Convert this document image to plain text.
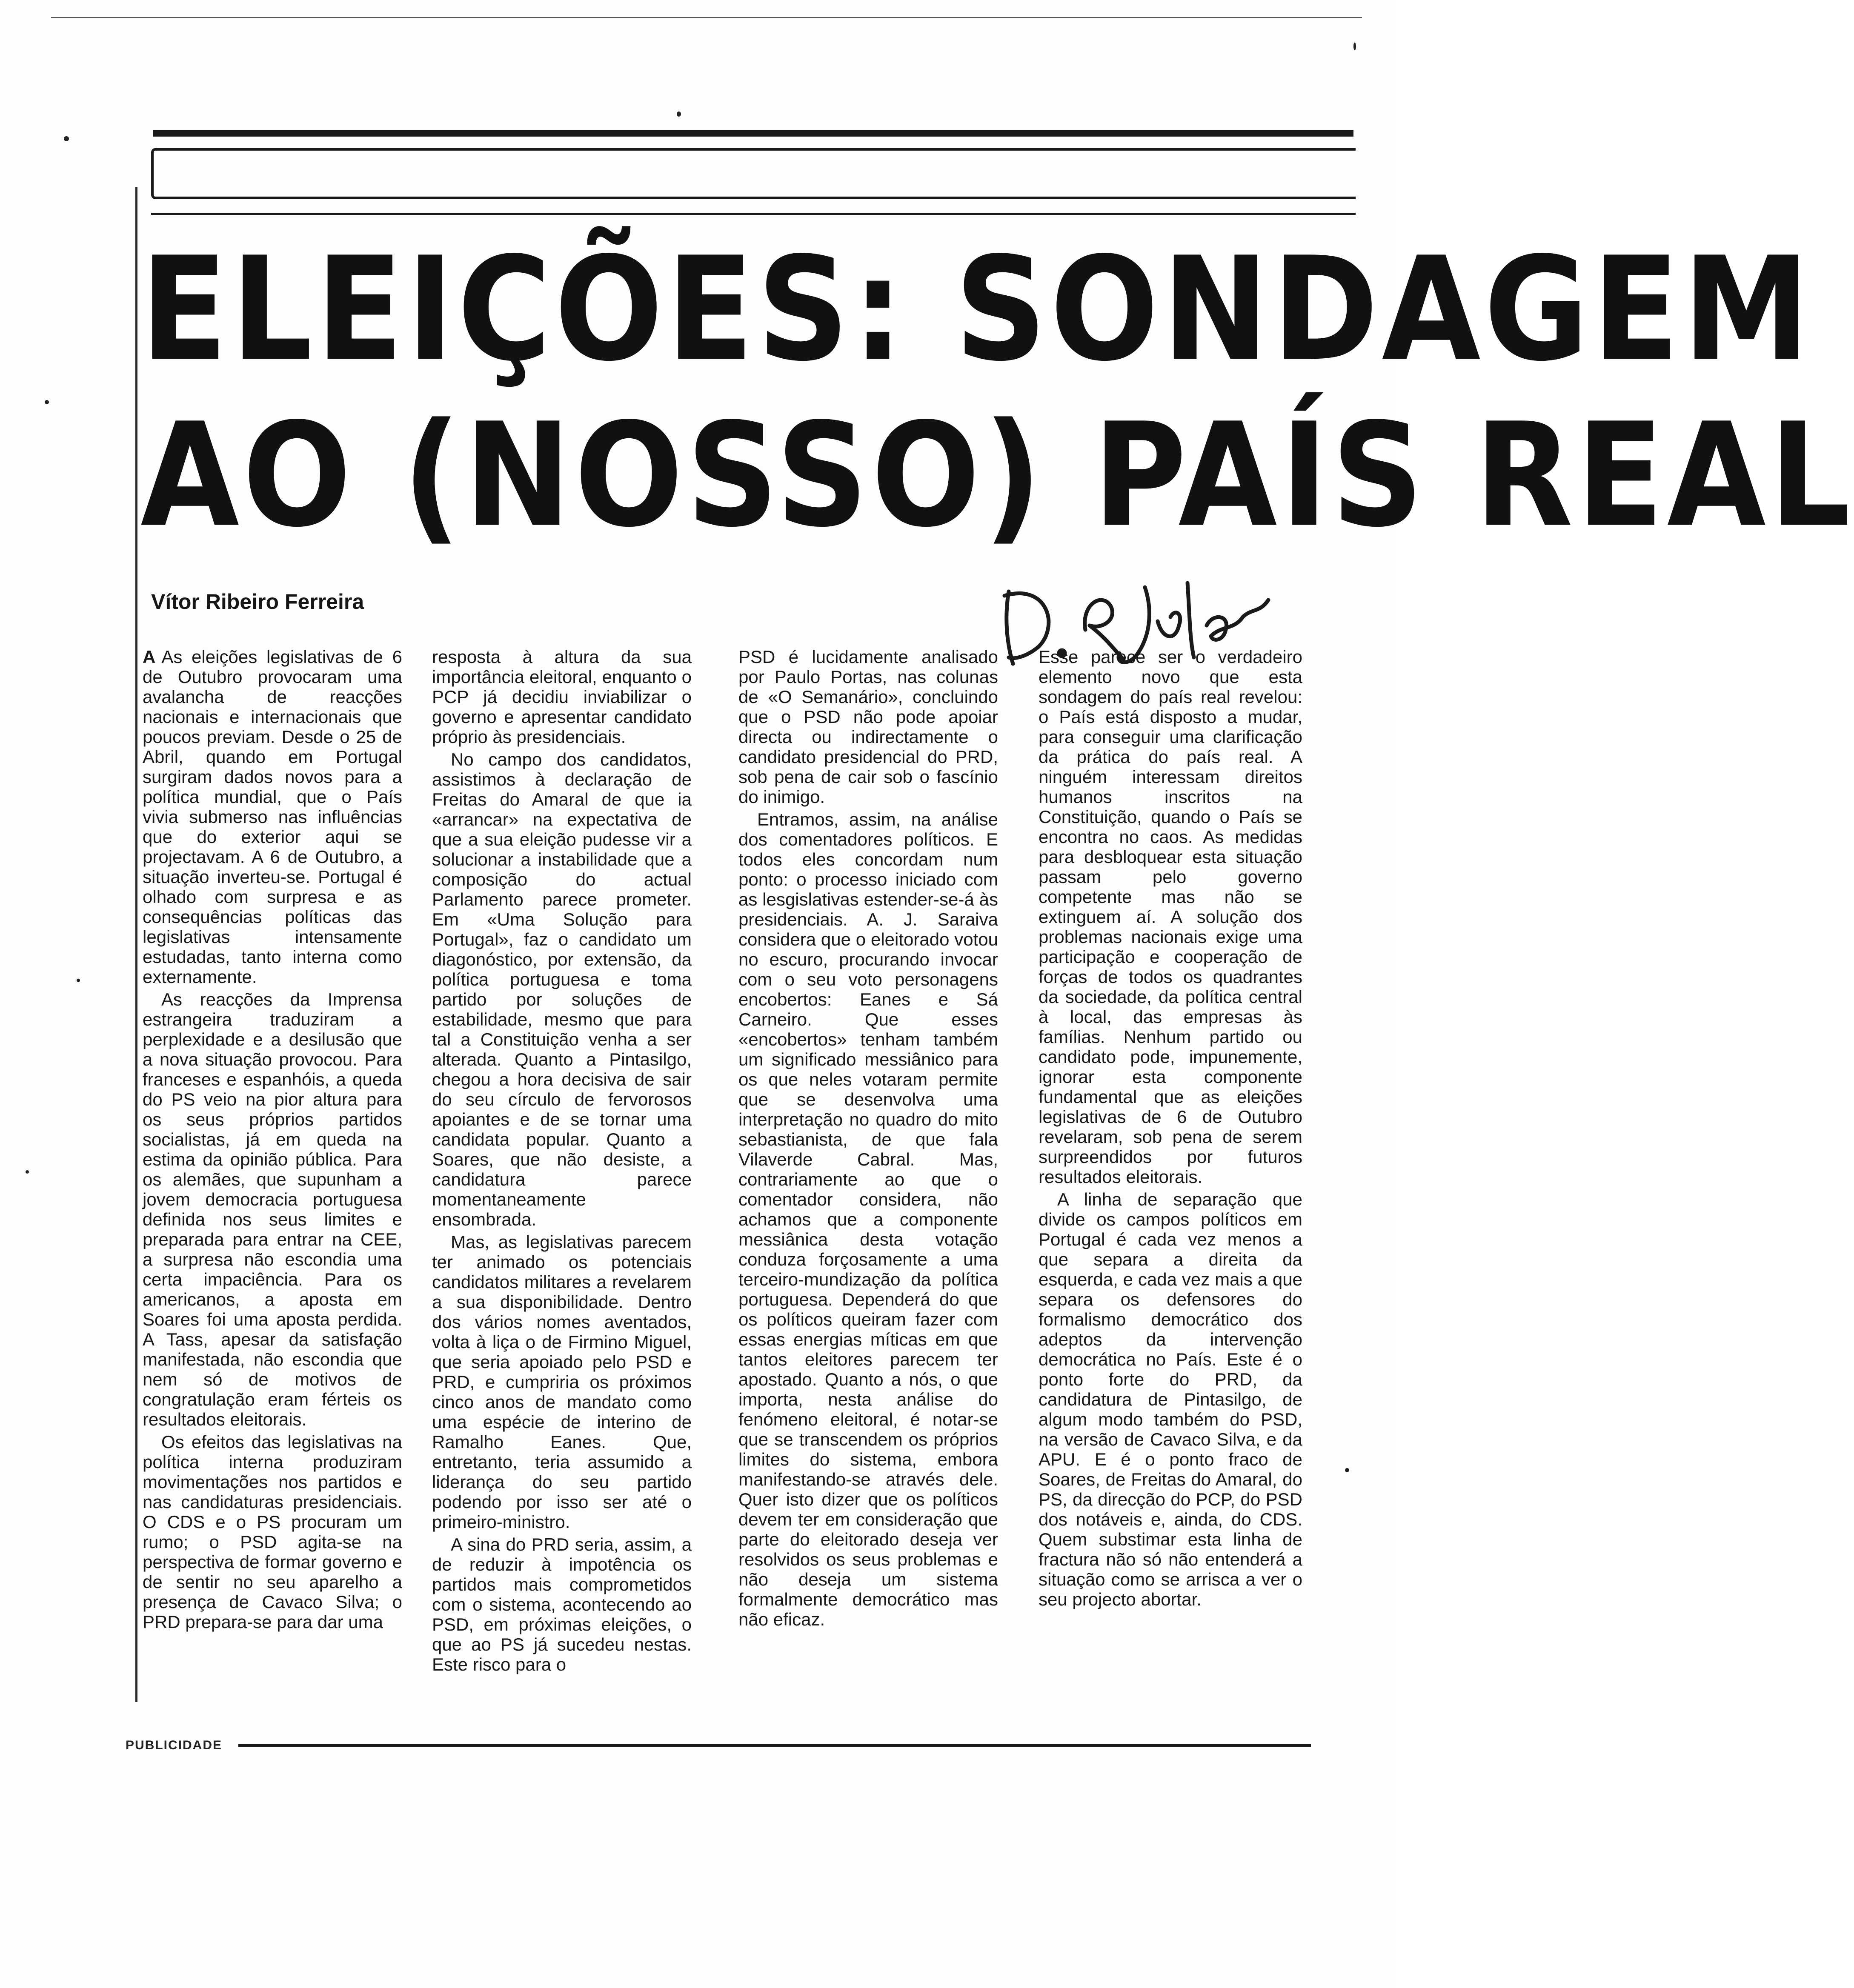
ELEIÇÕES: SONDAGEM
AO (NOSSO) PAÍS REAL
Vítor Ribeiro Ferreira

A As eleições legislativas de 6 de Outubro provocaram uma avalancha de reacções nacionais e internacionais que poucos previam. Desde o 25 de Abril, quando em Portugal surgiram dados novos para a política mundial, que o País vivia submerso nas influências que do exterior aqui se projectavam. A 6 de Outubro, a situação inverteu-se. Portugal é olhado com surpresa e as consequências políticas das legislativas intensamente estudadas, tanto interna como externamente.

As reacções da Imprensa estrangeira traduziram a perplexidade e a desilusão que a nova situação provocou. Para franceses e espanhóis, a queda do PS veio na pior altura para os seus próprios partidos socialistas, já em queda na estima da opinião pública. Para os alemães, que supunham a jovem democracia portuguesa definida nos seus limites e preparada para entrar na CEE, a surpresa não escondia uma certa impaciência. Para os americanos, a aposta em Soares foi uma aposta perdida. A Tass, apesar da satisfação manifestada, não escondia que nem só de motivos de congratulação eram férteis os resultados eleitorais.

Os efeitos das legislativas na política interna produziram movimentações nos partidos e nas candidaturas presidenciais. O CDS e o PS procuram um rumo; o PSD agita-se na perspectiva de formar governo e de sentir no seu aparelho a presença de Cavaco Silva; o PRD prepara-se para dar uma

resposta à altura da sua importância eleitoral, enquanto o PCP já decidiu inviabilizar o governo e apresentar candidato próprio às presidenciais.

No campo dos candidatos, assistimos à declaração de Freitas do Amaral de que ia «arrancar» na expectativa de que a sua eleição pudesse vir a solucionar a instabilidade que a composição do actual Parlamento parece prometer. Em «Uma Solução para Portugal», faz o candidato um diagonóstico, por extensão, da política portuguesa e toma partido por soluções de estabilidade, mesmo que para tal a Constituição venha a ser alterada. Quanto a Pintasilgo, chegou a hora decisiva de sair do seu círculo de fervorosos apoiantes e de se tornar uma candidata popular. Quanto a Soares, que não desiste, a candidatura parece momentaneamente ensombrada.

Mas, as legislativas parecem ter animado os potenciais candidatos militares a revelarem a sua disponibilidade. Dentro dos vários nomes aventados, volta à liça o de Firmino Miguel, que seria apoiado pelo PSD e PRD, e cumpriria os próximos cinco anos de mandato como uma espécie de interino de Ramalho Eanes. Que, entretanto, teria assumido a liderança do seu partido podendo por isso ser até o primeiro-ministro.

A sina do PRD seria, assim, a de reduzir à impotência os partidos mais comprometidos com o sistema, acontecendo ao PSD, em próximas eleições, o que ao PS já sucedeu nestas. Este risco para o

PSD é lucidamente analisado por Paulo Portas, nas colunas de «O Semanário», concluindo que o PSD não pode apoiar directa ou indirectamente o candidato presidencial do PRD, sob pena de cair sob o fascínio do inimigo.

Entramos, assim, na análise dos comentadores políticos. E todos eles concordam num ponto: o processo iniciado com as lesgislativas estender-se-á às presidenciais. A. J. Saraiva considera que o eleitorado votou no escuro, procurando invocar com o seu voto personagens encobertos: Eanes e Sá Carneiro. Que esses «encobertos» tenham também um significado messiânico para os que neles votaram permite que se desenvolva uma interpretação no quadro do mito sebastianista, de que fala Vilaverde Cabral. Mas, contrariamente ao que o comentador considera, não achamos que a componente messiânica desta votação conduza forçosamente a uma terceiro-mundização da política portuguesa. Dependerá do que os políticos queiram fazer com essas energias míticas em que tantos eleitores parecem ter apostado. Quanto a nós, o que importa, nesta análise do fenómeno eleitoral, é notar-se que se transcendem os próprios limites do sistema, embora manifestando-se através dele. Quer isto dizer que os políticos devem ter em consideração que parte do eleitorado deseja ver resolvidos os seus problemas e não deseja um sistema formalmente democrático mas não eficaz.

Esse parece ser o verdadeiro elemento novo que esta sondagem do país real revelou: o País está disposto a mudar, para conseguir uma clarificação da prática do país real. A ninguém interessam direitos humanos inscritos na Constituição, quando o País se encontra no caos. As medidas para desbloquear esta situação passam pelo governo competente mas não se extinguem aí. A solução dos problemas nacionais exige uma participação e cooperação de forças de todos os quadrantes da sociedade, da política central à local, das empresas às famílias. Nenhum partido ou candidato pode, impunemente, ignorar esta componente fundamental que as eleições legislativas de 6 de Outubro revelaram, sob pena de serem surpreendidos por futuros resultados eleitorais.

A linha de separação que divide os campos políticos em Portugal é cada vez menos a que separa a direita da esquerda, e cada vez mais a que separa os defensores do formalismo democrático dos adeptos da intervenção democrática no País. Este é o ponto forte do PRD, da candidatura de Pintasilgo, de algum modo também do PSD, na versão de Cavaco Silva, e da APU. E é o ponto fraco de Soares, de Freitas do Amaral, do PS, da direcção do PCP, do PSD dos notáveis e, ainda, do CDS. Quem substimar esta linha de fractura não só não entenderá a situação como se arrisca a ver o seu projecto abortar.

PUBLICIDADE
